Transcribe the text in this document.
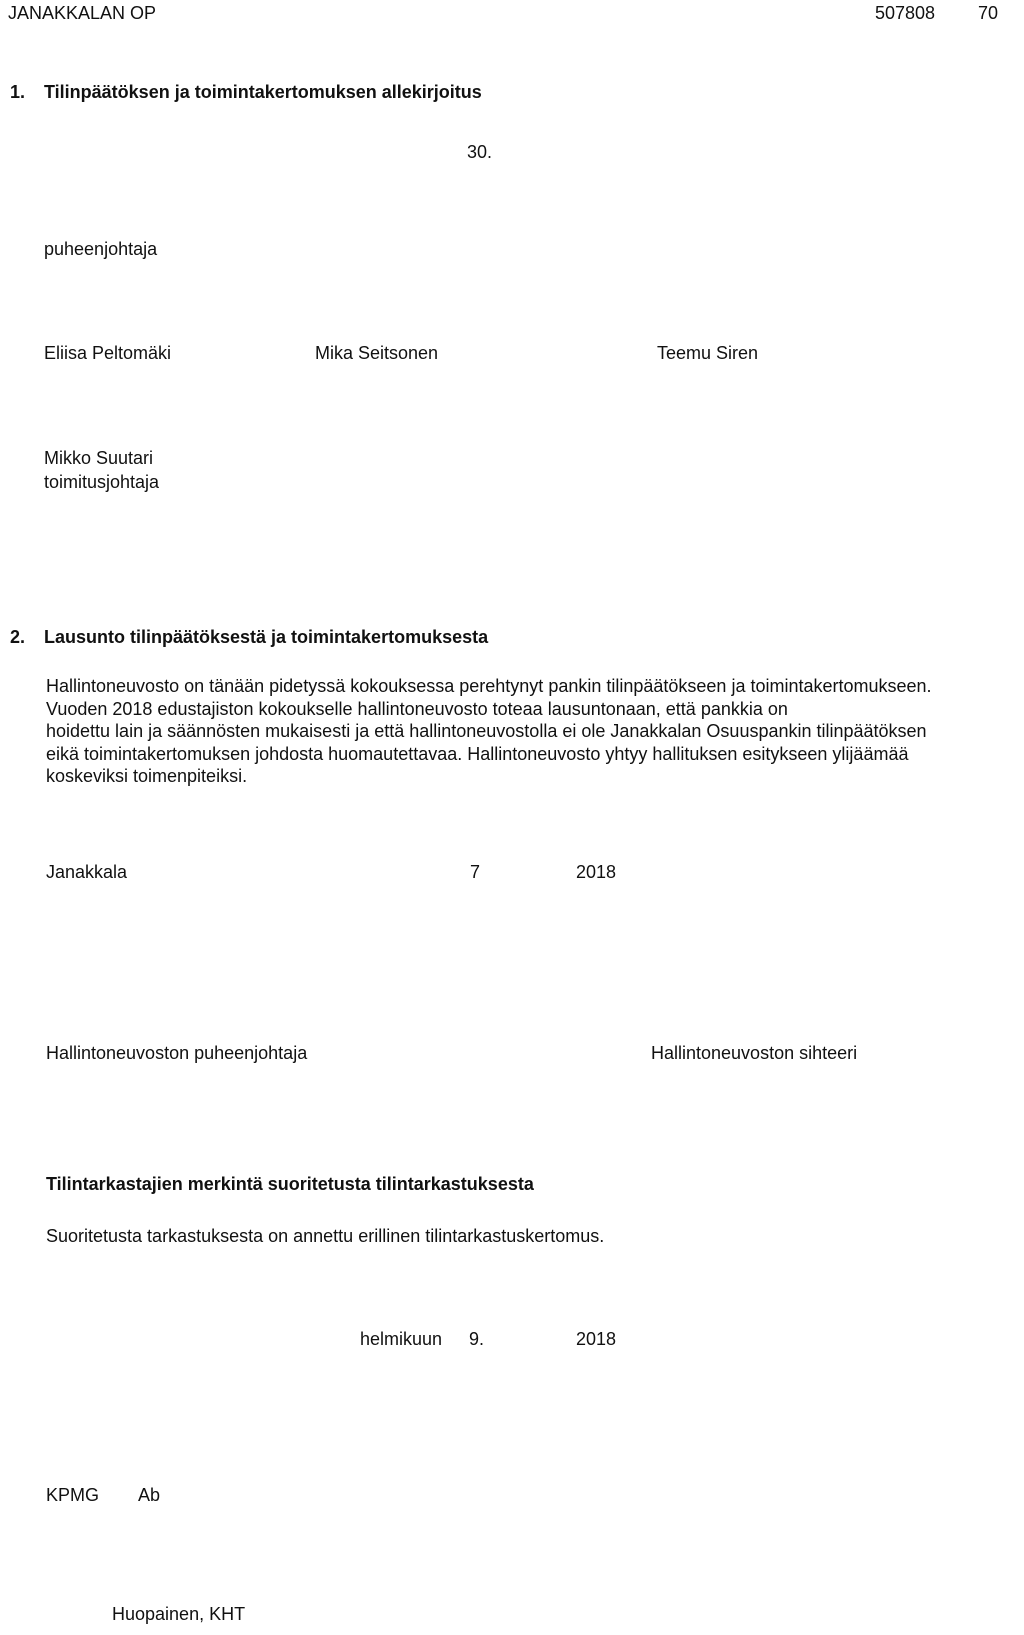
JANAKKALAN OP	507808 70
1. Tilinpäätöksen ja toimintakertomuksen allekirjoitus
30.
puheenjohtaja
Eliisa Peltomäki	Mika Seitsonen	Teemu Siren
Mikko Suutari
toimitusjohtaja
2. Lausunto tilinpäätöksestä ja toimintakertomuksesta
Hallintoneuvosto on tänään pidetyssä kokouksessa perehtynyt pankin tilinpäätökseen ja toimintakertomukseen.
Vuoden 2018 edustajiston kokoukselle hallintoneuvosto toteaa lausuntonaan, että pankkia on
hoidettu lain ja säännösten mukaisesti ja että hallintoneuvostolla ei ole Janakkalan Osuuspankin tilinpäätöksen
eikä toimintakertomuksen johdosta huomautettavaa. Hallintoneuvosto yhtyy hallituksen esitykseen ylijäämää
koskeviksi toimenpiteiksi.
Janakkala	7	2018
Hallintoneuvoston puheenjohtaja	Hallintoneuvoston sihteeri
Tilintarkastajien merkintä suoritetusta tilintarkastuksesta
Suoritetusta tarkastuksesta on annettu erillinen tilintarkastuskertomus.
helmikuun 9.	2018
KPMG Ab
Huopainen, KHT
